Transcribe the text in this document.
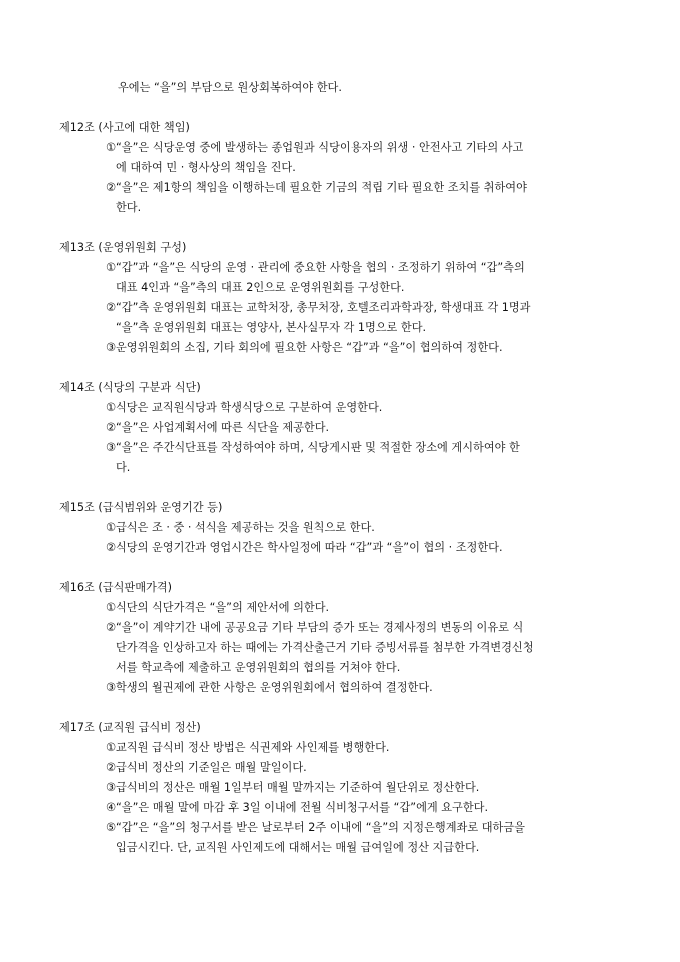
우에는 “을”의 부담으로 원상회복하여야 한다.
제12조 (사고에 대한 책임)
① “을”은 식당운영 중에 발생하는 종업원과 식당이용자의 위생 · 안전사고 기타의 사고
에 대하여 민 · 형사상의 책임을 진다.
② “을”은 제1항의 책임을 이행하는데 필요한 기금의 적립 기타 필요한 조치를 취하여야
한다.
제13조 (운영위원회 구성)
① “갑”과 “을”은 식당의 운영 · 관리에 중요한 사항을 협의 · 조정하기 위하여 “갑”측의
대표 4인과 “을”측의 대표 2인으로 운영위원회를 구성한다.
② “갑”측 운영위원회 대표는 교학처장, 총무처장, 호텔조리과학과장, 학생대표 각 1명과
“을”측 운영위원회 대표는 영양사, 본사실무자 각 1명으로 한다.
③ 운영위원회의 소집, 기타 회의에 필요한 사항은 “갑”과 “을”이 협의하여 정한다.
제14조 (식당의 구분과 식단)
① 식당은 교직원식당과 학생식당으로 구분하여 운영한다.
② “을”은 사업계획서에 따른 식단을 제공한다.
③ “을”은 주간식단표를 작성하여야 하며, 식당게시판 및 적절한 장소에 게시하여야 한
다.
제15조 (급식범위와 운영기간 등)
① 급식은 조 · 중 · 석식을 제공하는 것을 원칙으로 한다.
② 식당의 운영기간과 영업시간은 학사일정에 따라 “갑”과 “을”이 협의 · 조정한다.
제16조 (급식판매가격)
① 식단의 식단가격은 “을”의 제안서에 의한다.
② “을”이 계약기간 내에 공공요금 기타 부담의 증가 또는 경제사정의 변동의 이유로 식
단가격을 인상하고자 하는 때에는 가격산출근거 기타 증빙서류를 첨부한 가격변경신청
서를 학교측에 제출하고 운영위원회의 협의를 거쳐야 한다.
③ 학생의 월권제에 관한 사항은 운영위원회에서 협의하여 결정한다.
제17조 (교직원 급식비 정산)
① 교직원 급식비 정산 방법은 식권제와 사인제를 병행한다.
② 급식비 정산의 기준일은 매월 말일이다.
③ 급식비의 정산은 매월 1일부터 매월 말까지는 기준하여 월단위로 정산한다.
④ “을”은 매월 말에 마감 후 3일 이내에 전월 식비청구서를 “갑”에게 요구한다.
⑤ “갑”은 “을”의 청구서를 받은 날로부터 2주 이내에 “을”의 지정은행계좌로 대하금을
입금시킨다. 단, 교직원 사인제도에 대해서는 매월 급여일에 정산 지급한다.
